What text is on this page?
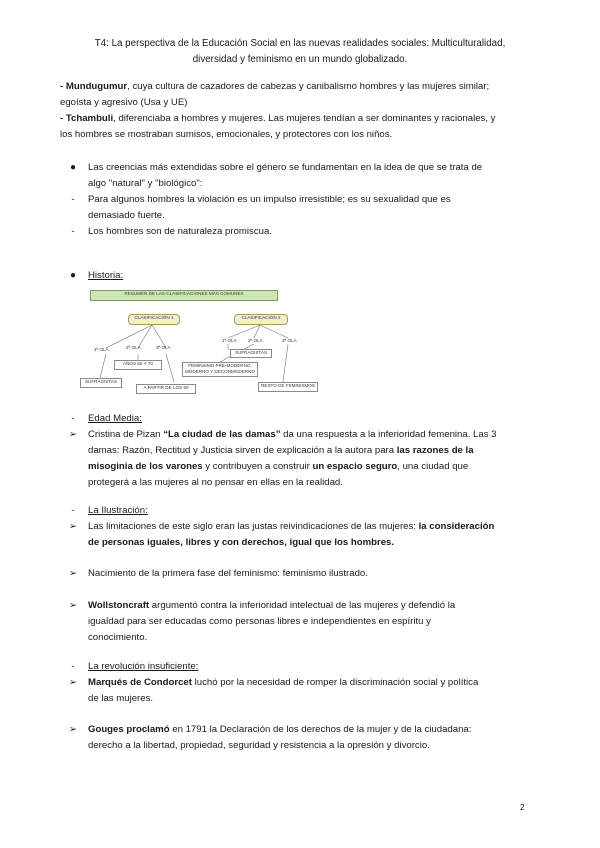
T4: La perspectiva de la Educación Social en las nuevas realidades sociales: Multiculturalidad,
diversidad y feminismo en un mundo globalizado.
- Mundugumur, cuya cultura de cazadores de cabezas y canibalismo hombres y las mujeres similar;
egoísta y agresivo (Usa y UE)
- Tchambuli, diferenciaba a hombres y mujeres. Las mujeres tendían a ser dominantes y racionales, y
los hombres se mostraban sumisos, emocionales, y protectores con los niños.
●	Las creencias más extendidas sobre el género se fundamentan en la idea de que se trata de
algo "natural" y "biológico":
-	Para algunos hombres la violación es un impulso irresistible; es su sexualidad que es
demasiado fuerte.
-	Los hombres son de naturaleza promiscua.
●	Historia:
RESUMEN DE LAS CLASIFICACIONES MÁS COMUNES
CLASIFICACIÓN 1	CLASIFICACIÓN 2
1ª OLA	2ª OLA	3ª OLA
1ª OLA 2ª OLA	3ª OLA
AÑOS 60 Y 70
SUFRAGISTAS
A PARTIR DE LOS 90
SUFRAGISTAS
FEMINISMO PRE-MODERNO,
MODERNO Y DECONMODERNO
RESTO DE FEMINISMOS
-	Edad Media:
➢	Cristina de Pizan “La ciudad de las damas” da una respuesta a la inferioridad femenina. Las 3
damas: Razón, Rectitud y Justicia sirven de explicación a la autora para las razones de la
misoginia de los varones y contribuyen a construir un espacio seguro, una ciudad que
protegerá a las mujeres al no pensar en ellas en la realidad.
-	La Ilustración:
➢	Las limitaciones de este siglo eran las justas reivindicaciones de las mujeres: la consideración
de personas iguales, libres y con derechos, igual que los hombres.
➢	Nacimiento de la primera fase del feminismo: feminismo ilustrado.
➢	Wollstoncraft argumentó contra la inferioridad intelectual de las mujeres y defendió la
igualdad para ser educadas como personas libres e independientes en espíritu y
conocimiento.
-	La revolución insuficiente:
➢	Marqués de Condorcet luchó por la necesidad de romper la discriminación social y política
de las mujeres.
➢	Gouges proclamó en 1791 la Declaración de los derechos de la mujer y de la ciudadana:
derecho a la libertad, propiedad, seguridad y resistencia a la opresión y divorcio.
2
